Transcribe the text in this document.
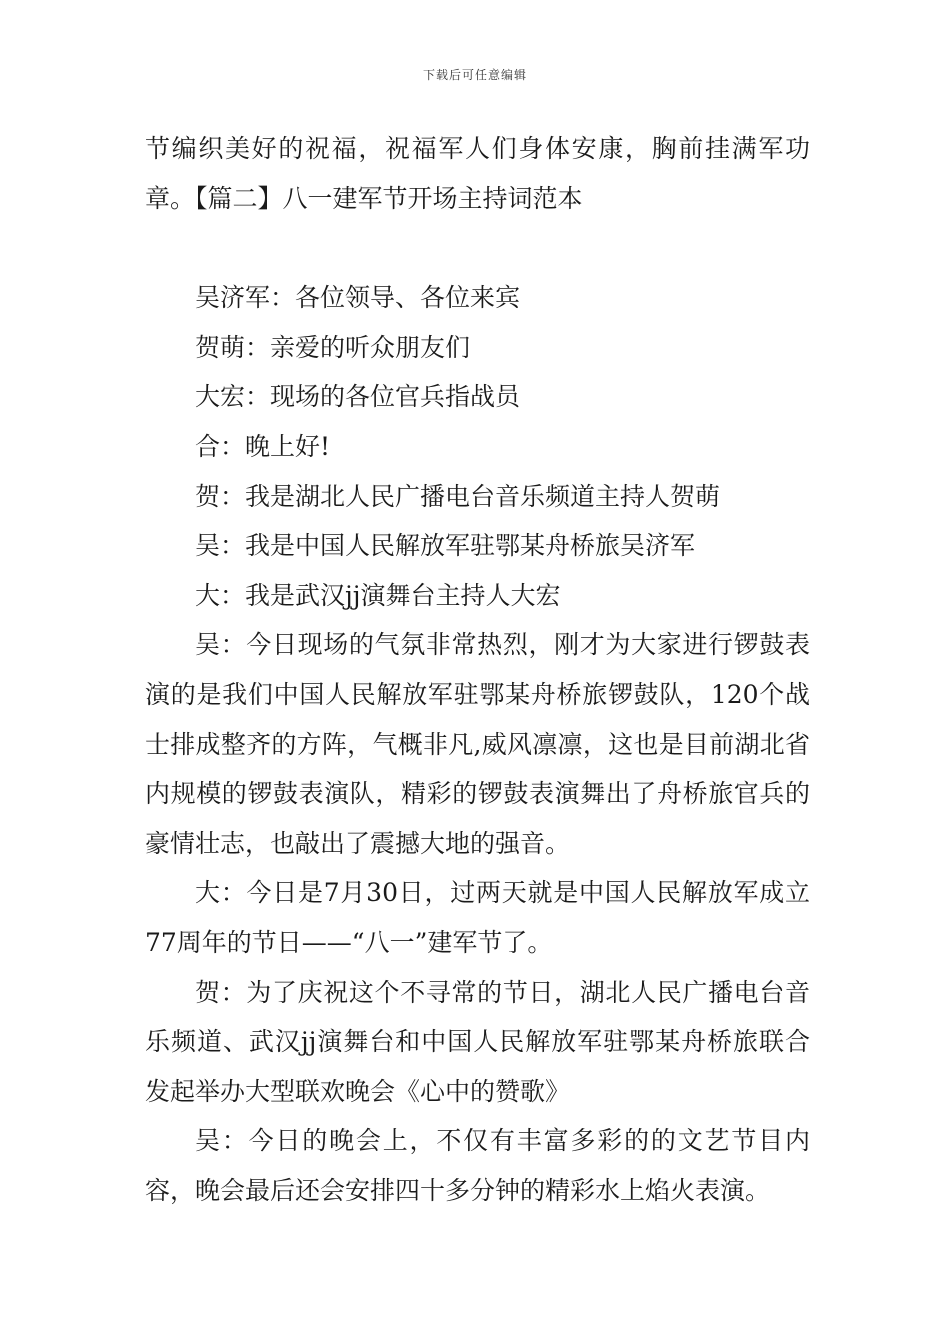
下载后可任意编辑

节编织美好的祝福，祝福军人们身体安康，胸前挂满军功章。【篇二】八一建军节开场主持词范本

吴济军：各位领导、各位来宾

贺萌：亲爱的听众朋友们

大宏：现场的各位官兵指战员

合：晚上好!

贺：我是湖北人民广播电台音乐频道主持人贺萌

吴：我是中国人民解放军驻鄂某舟桥旅吴济军

大：我是武汉jj演舞台主持人大宏

吴：今日现场的气氛非常热烈，刚才为大家进行锣鼓表演的是我们中国人民解放军驻鄂某舟桥旅锣鼓队，120个战士排成整齐的方阵，气概非凡,威风凛凛，这也是目前湖北省内规模的锣鼓表演队，精彩的锣鼓表演舞出了舟桥旅官兵的豪情壮志，也敲出了震撼大地的强音。

大：今日是7月30日，过两天就是中国人民解放军成立77周年的节日——“八一”建军节了。

贺：为了庆祝这个不寻常的节日，湖北人民广播电台音乐频道、武汉jj演舞台和中国人民解放军驻鄂某舟桥旅联合发起举办大型联欢晚会《心中的赞歌》

吴：今日的晚会上，不仅有丰富多彩的的文艺节目内容，晚会最后还会安排四十多分钟的精彩水上焰火表演。
